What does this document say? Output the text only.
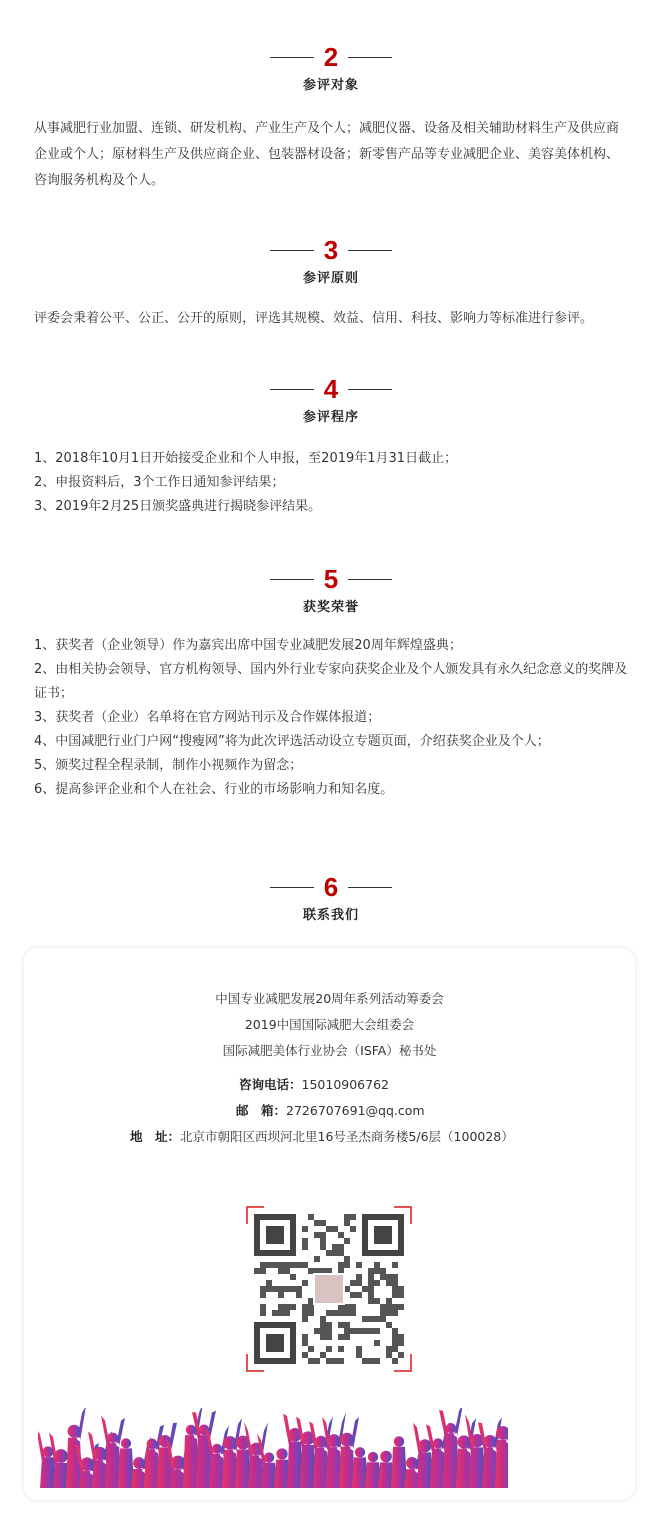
2
参评对象

从事减肥行业加盟、连锁、研发机构、产业生产及个人；减肥仪器、设备及相关辅助材料生产及供应商企业或个人；原材料生产及供应商企业、包装器材设备；新零售产品等专业减肥企业、美容美体机构、咨询服务机构及个人。

3
参评原则

评委会秉着公平、公正、公开的原则，评选其规模、效益、信用、科技、影响力等标准进行参评。

4
参评程序
1、2018年10月1日开始接受企业和个人申报，至2019年1月31日截止；
2、申报资料后，3个工作日通知参评结果；
3、2019年2月25日颁奖盛典进行揭晓参评结果。
5
获奖荣誉
1、获奖者（企业领导）作为嘉宾出席中国专业减肥发展20周年辉煌盛典；
2、由相关协会领导、官方机构领导、国内外行业专家向获奖企业及个人颁发具有永久纪念意义的奖牌及证书；
3、获奖者（企业）名单将在官方网站刊示及合作媒体报道；
4、中国减肥行业门户网“搜瘦网”将为此次评选活动设立专题页面，介绍获奖企业及个人；
5、颁奖过程全程录制，制作小视频作为留念；
6、提高参评企业和个人在社会、行业的市场影响力和知名度。
6
联系我们
中国专业减肥发展20周年系列活动筹委会
2019中国国际减肥大会组委会
国际减肥美体行业协会（ISFA）秘书处
咨询电话：15010906762
邮　箱：2726707691@qq.com
地　址：北京市朝阳区西坝河北里16号圣杰商务楼5/6层（100028）
